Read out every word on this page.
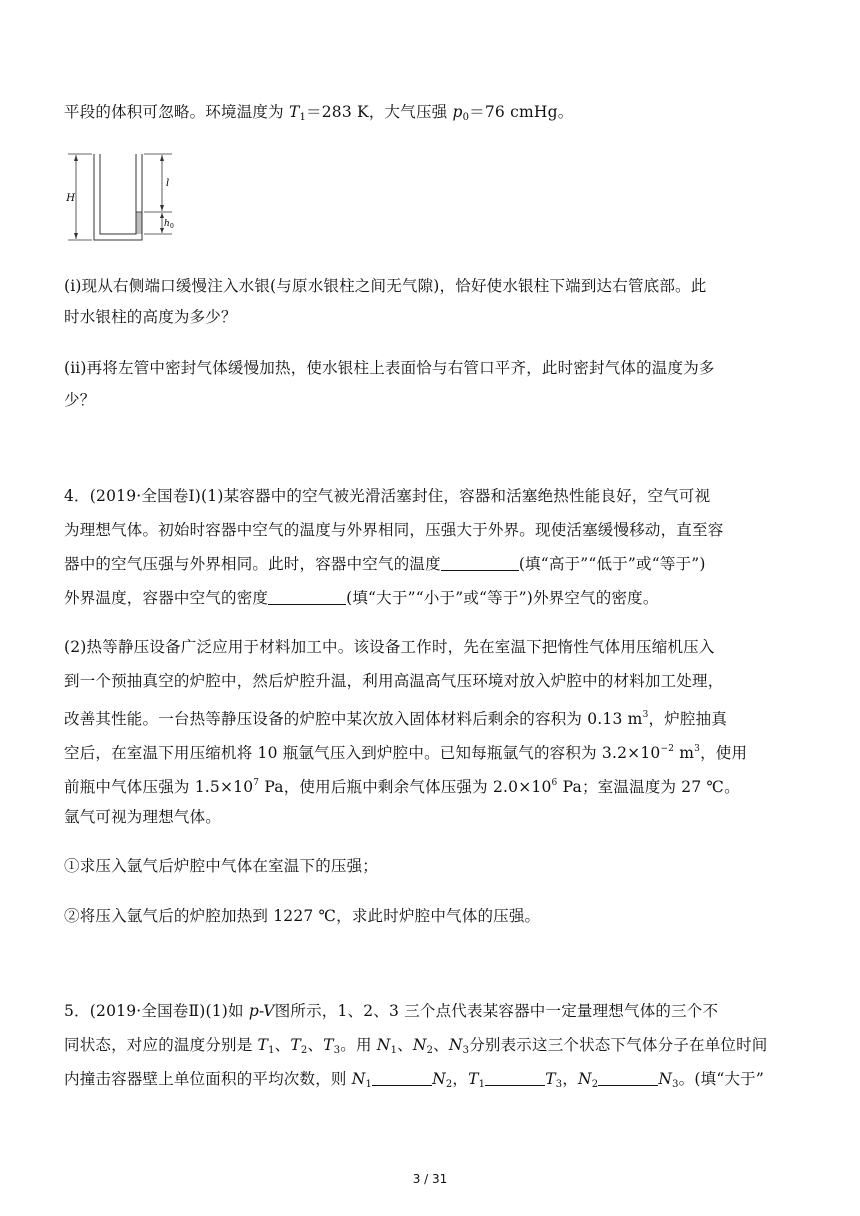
平段的体积可忽略。环境温度为 $T_1=283$ K，大气压强 $p_0=76$ cmHg。
H
l
h 0
(ⅰ)现从右侧端口缓慢注入水银(与原水银柱之间无气隙)，恰好使水银柱下端到达右管底部。此
时水银柱的高度为多少？
(ⅱ)再将左管中密封气体缓慢加热，使水银柱上表面恰与右管口平齐，此时密封气体的温度为多
少？
4．(2019·全国卷Ⅰ)(1)某容器中的空气被光滑活塞封住，容器和活塞绝热性能良好，空气可视
为理想气体。初始时容器中空气的温度与外界相同，压强大于外界。现使活塞缓慢移动，直至容
器中的空气压强与外界相同。此时，容器中空气的温度	(填“高于”“低于”或“等于”)
外界温度，容器中空气的密度	(填“大于”“小于”或“等于”)外界空气的密度。
(2)热等静压设备广泛应用于材料加工中。该设备工作时，先在室温下把惰性气体用压缩机压入
到一个预抽真空的炉腔中，然后炉腔升温，利用高温高气压环境对放入炉腔中的材料加工处理，
改善其性能。一台热等静压设备的炉腔中某次放入固体材料后剩余的容积为 0.13 $m^3$，炉腔抽真
空后，在室温下用压缩机将 10 瓶氩气压入到炉腔中。已知每瓶氩气的容积为 $3.2\times 10^{-2}$ $m^3$，使用
前瓶中气体压强为 $1.5\times 10^7$ Pa，使用后瓶中剩余气体压强为 $2.0\times 10^6$ Pa；室温温度为 27 ℃。
氩气可视为理想气体。
①求压入氩气后炉腔中气体在室温下的压强；
②将压入氩气后的炉腔加热到 1227 ℃，求此时炉腔中气体的压强。
5．(2019·全国卷Ⅱ)(1)如 p-V图所示，1、2、3 三个点代表某容器中一定量理想气体的三个不
同状态，对应的温度分别是 $T_1$、$T_2$、$T_3$。用 $N_1$、$N_2$、$N_3$分别表示这三个状态下气体分子在单位时间
内撞击容器壁上单位面积的平均次数，则 $N_1$	$N_2$，$T_1$	$T_3$，$N_2$	$N_3$。(填“大于”
3 / 31
